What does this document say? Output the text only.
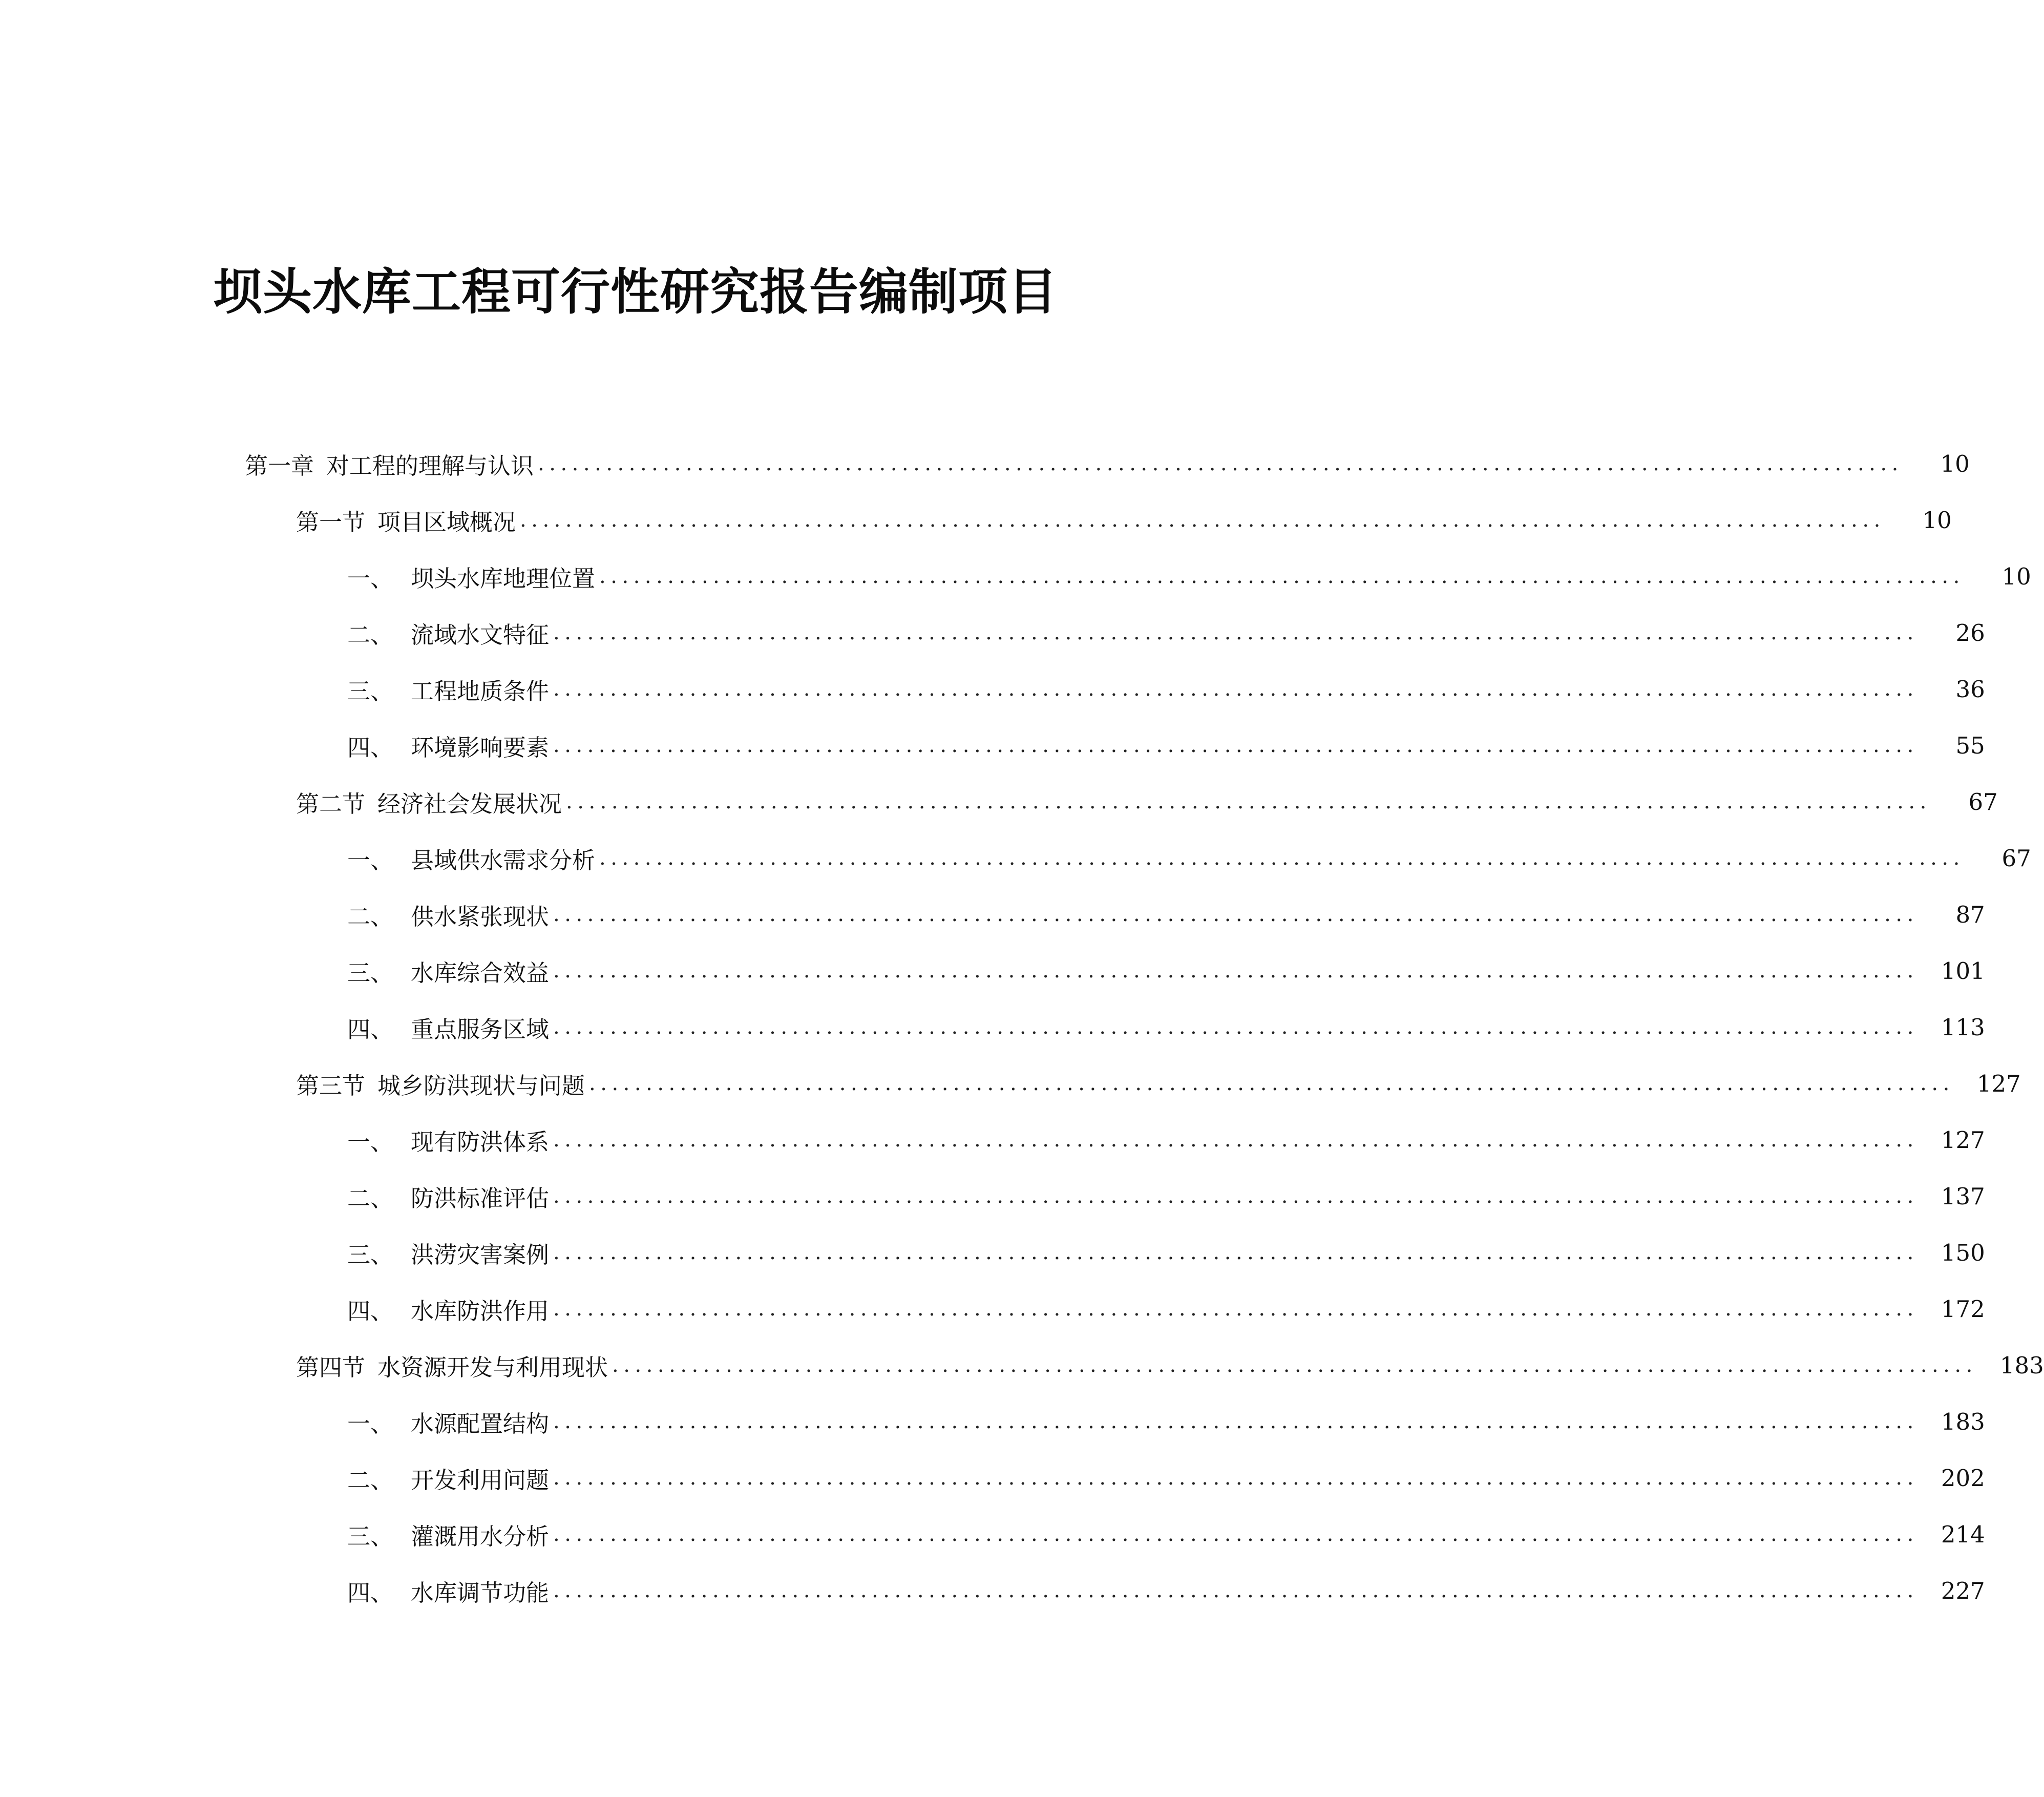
坝头水库工程可行性研究报告编制项目
第一章 对工程的理解与认识 ........................................................................................................................	10
第一节 项目区域概况 ........................................................................................................................	10
一、 坝头水库地理位置 ........................................................................................................................	10
二、 流域水文特征 ........................................................................................................................	26
三、 工程地质条件 ........................................................................................................................	36
四、 环境影响要素 ........................................................................................................................	55
第二节 经济社会发展状况 ........................................................................................................................	67
一、 县域供水需求分析 ........................................................................................................................	67
二、 供水紧张现状 ........................................................................................................................	87
三、 水库综合效益 ........................................................................................................................ 101
四、 重点服务区域 ........................................................................................................................ 113
第三节 城乡防洪现状与问题 ........................................................................................................................ 127
一、 现有防洪体系 ........................................................................................................................ 127
二、 防洪标准评估 ........................................................................................................................ 137
三、 洪涝灾害案例 ........................................................................................................................ 150
四、 水库防洪作用 ........................................................................................................................ 172
第四节 水资源开发与利用现状 ........................................................................................................................ 183
一、 水源配置结构 ........................................................................................................................ 183
二、 开发利用问题 ........................................................................................................................ 202
三、 灌溉用水分析 ........................................................................................................................ 214
四、 水库调节功能 ........................................................................................................................ 227
